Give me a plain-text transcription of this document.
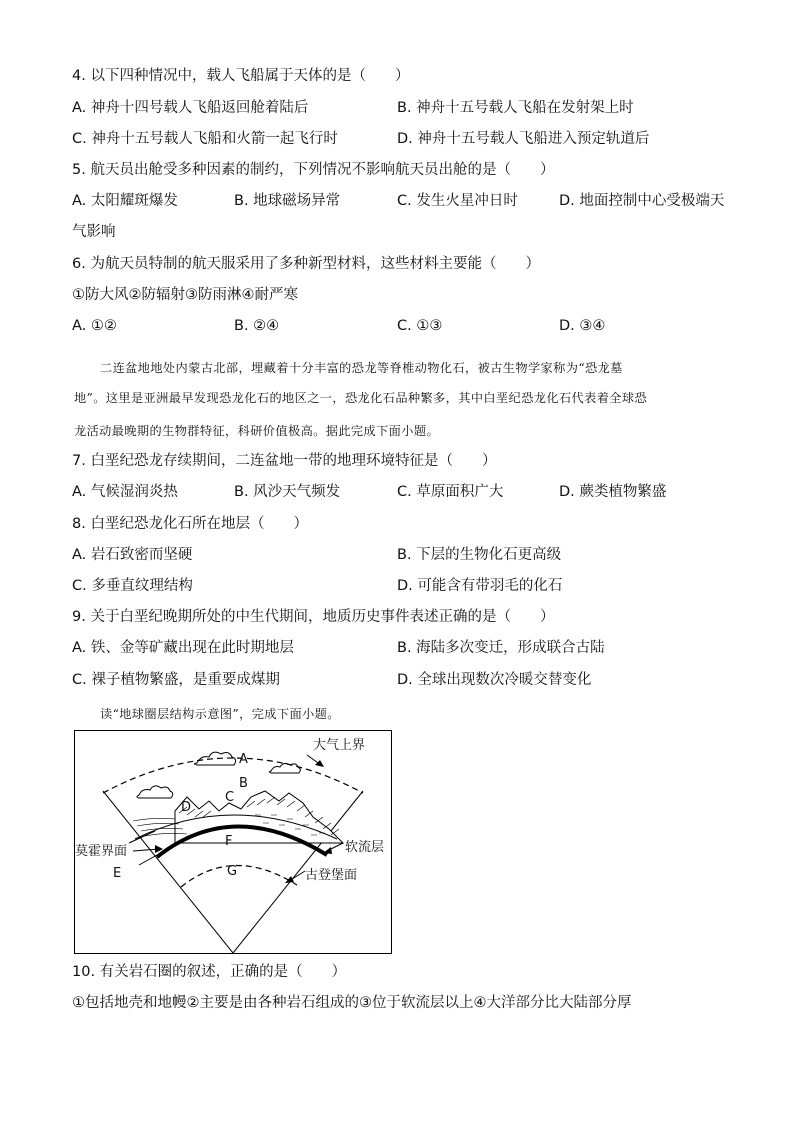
4. 以下四种情况中，载人飞船属于天体的是（　　）
A. 神舟十四号载人飞船返回舱着陆后	B. 神舟十五号载人飞船在发射架上时
C. 神舟十五号载人飞船和火箭一起飞行时	D. 神舟十五号载人飞船进入预定轨道后
5. 航天员出舱受多种因素的制约，下列情况不影响航天员出舱的是（　　）
A. 太阳耀斑爆发	B. 地球磁场异常	C. 发生火星冲日时	D. 地面控制中心受极端天
气影响
6. 为航天员特制的航天服采用了多种新型材料，这些材料主要能（　　）
①防大风②防辐射③防雨淋④耐严寒
A. ①②	B. ②④	C. ①③	D. ③④

二连盆地地处内蒙古北部，埋藏着十分丰富的恐龙等脊椎动物化石，被古生物学家称为“恐龙墓

地”。这里是亚洲最早发现恐龙化石的地区之一，恐龙化石品种繁多，其中白垩纪恐龙化石代表着全球恐

龙活动最晚期的生物群特征，科研价值极高。据此完成下面小题。

7. 白垩纪恐龙存续期间，二连盆地一带的地理环境特征是（　　）
A. 气候湿润炎热	B. 风沙天气频发	C. 草原面积广大	D. 蕨类植物繁盛
8. 白垩纪恐龙化石所在地层（　　）
A. 岩石致密而坚硬	B. 下层的生物化石更高级
C. 多垂直纹理结构	D. 可能含有带羽毛的化石
9. 关于白垩纪晚期所处的中生代期间，地质历史事件表述正确的是（　　）
A. 铁、金等矿藏出现在此时期地层	B. 海陆多次变迁，形成联合古陆
C. 裸子植物繁盛，是重要成煤期	D. 全球出现数次冷暖交替变化

读“地球圈层结构示意图”，完成下面小题。

大气上界
A
B
C
D
F
G
E
莫霍界面	软流层
古登堡面
10. 有关岩石圈的叙述，正确的是（　　）
①包括地壳和地幔②主要是由各种岩石组成的③位于软流层以上④大洋部分比大陆部分厚
